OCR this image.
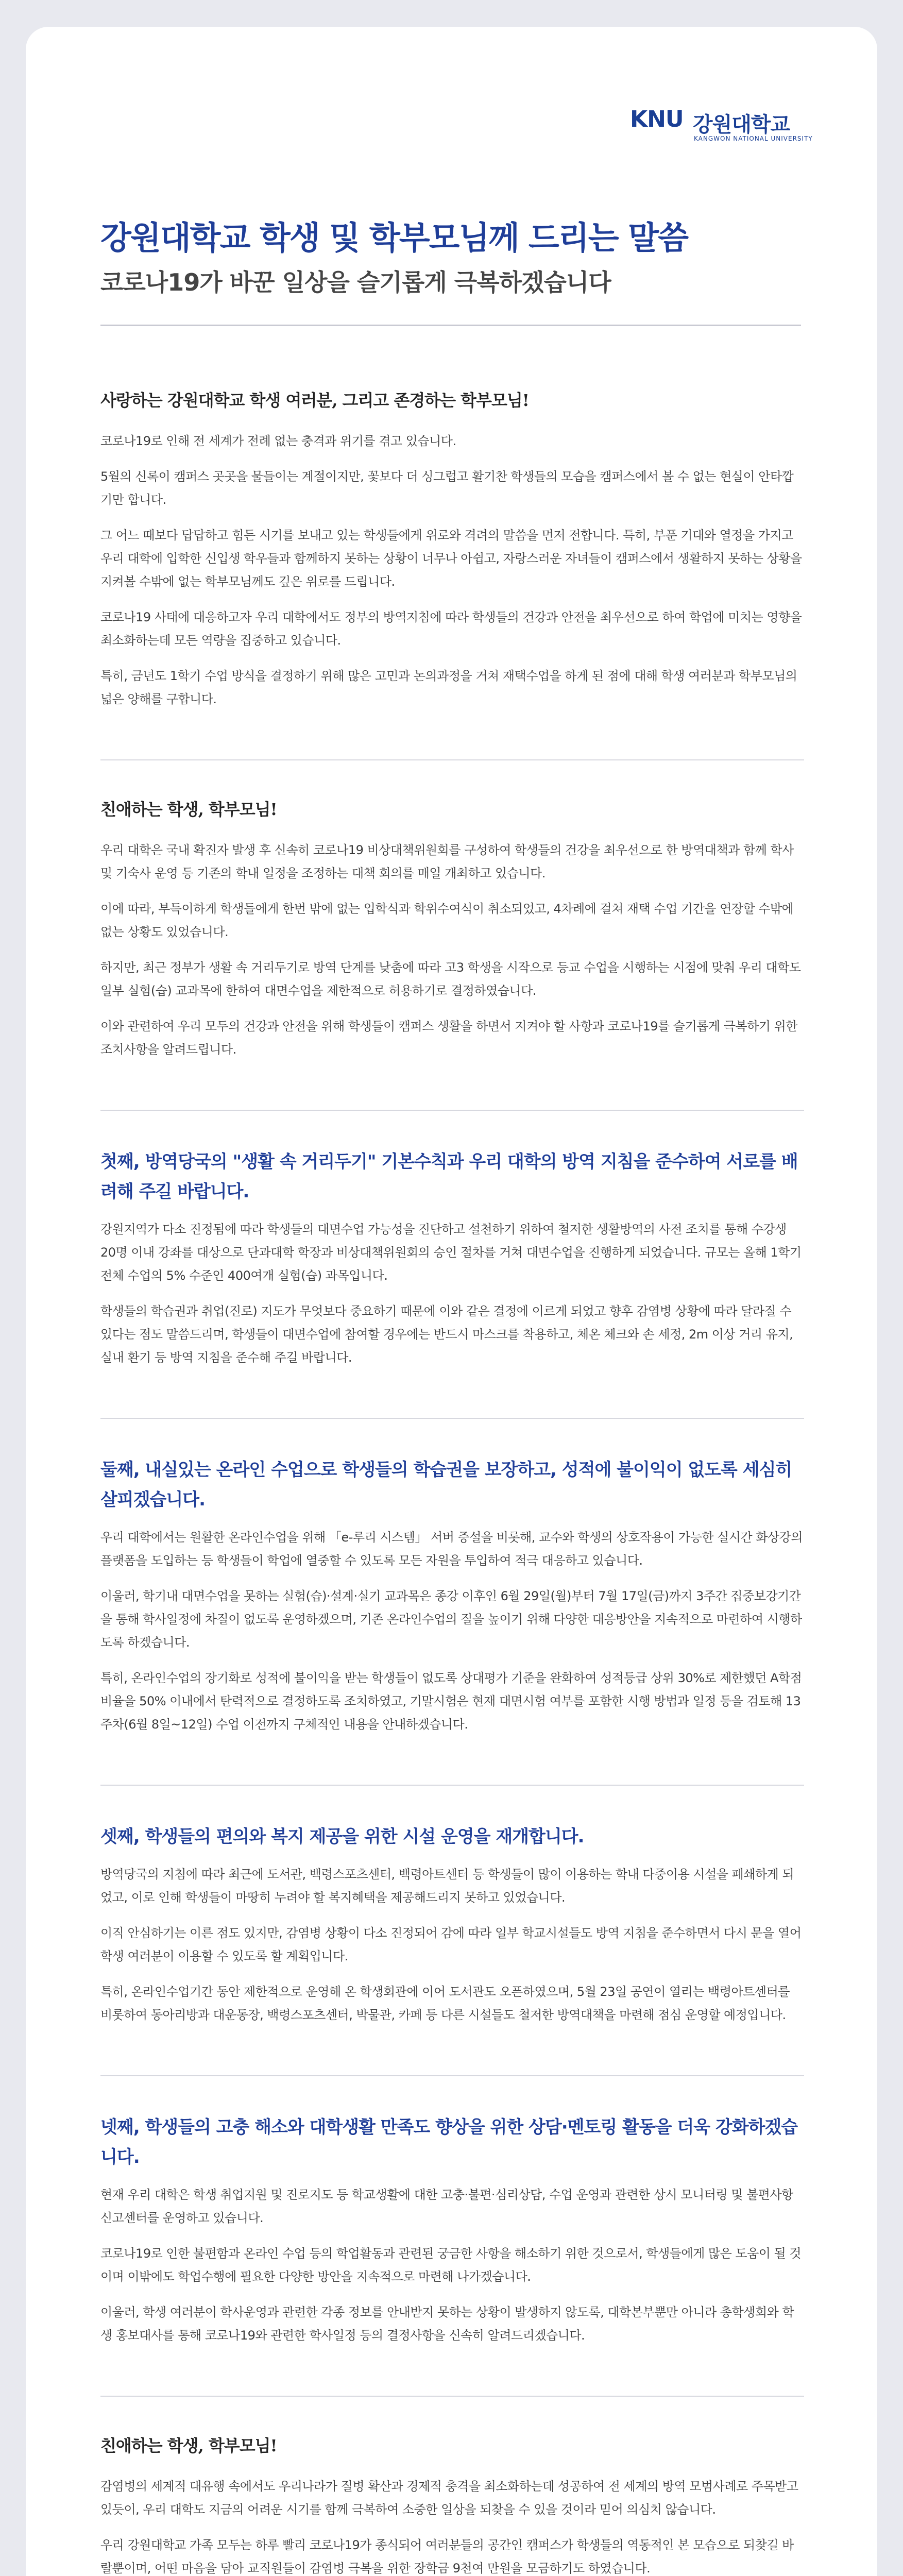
KNU 강원대학교
KANGWON NATIONAL UNIVERSITY
강원대학교 학생 및 학부모님께 드리는 말씀
코로나19가 바꾼 일상을 슬기롭게 극복하겠습니다

사랑하는 강원대학교 학생 여러분, 그리고 존경하는 학부모님!

코로나19로 인해 전 세계가 전례 없는 충격과 위기를 겪고 있습니다.

5월의 신록이 캠퍼스 곳곳을 물들이는 계절이지만, 꽃보다 더 싱그럽고 활기찬 학생들의 모습을 캠퍼스에서 볼 수 없는 현실이 안타깝기만 합니다.

그 어느 때보다 답답하고 힘든 시기를 보내고 있는 학생들에게 위로와 격려의 말씀을 먼저 전합니다. 특히, 부푼 기대와 열정을 가지고 우리 대학에 입학한 신입생 학우들과 함께하지 못하는 상황이 너무나 아쉽고, 자랑스러운 자녀들이 캠퍼스에서 생활하지 못하는 상황을 지켜볼 수밖에 없는 학부모님께도 깊은 위로를 드립니다.

코로나19 사태에 대응하고자 우리 대학에서도 정부의 방역지침에 따라 학생들의 건강과 안전을 최우선으로 하여 학업에 미치는 영향을 최소화하는데 모든 역량을 집중하고 있습니다.

특히, 금년도 1학기 수업 방식을 결정하기 위해 많은 고민과 논의과정을 거쳐 재택수업을 하게 된 점에 대해 학생 여러분과 학부모님의 넓은 양해를 구합니다.

친애하는 학생, 학부모님!

우리 대학은 국내 확진자 발생 후 신속히 코로나19 비상대책위원회를 구성하여 학생들의 건강을 최우선으로 한 방역대책과 함께 학사 및 기숙사 운영 등 기존의 학내 일정을 조정하는 대책 회의를 매일 개최하고 있습니다.

이에 따라, 부득이하게 학생들에게 한번 밖에 없는 입학식과 학위수여식이 취소되었고, 4차례에 걸쳐 재택 수업 기간을 연장할 수밖에 없는 상황도 있었습니다.

하지만, 최근 정부가 생활 속 거리두기로 방역 단계를 낮춤에 따라 고3 학생을 시작으로 등교 수업을 시행하는 시점에 맞춰 우리 대학도 일부 실험(습) 교과목에 한하여 대면수업을 제한적으로 허용하기로 결정하였습니다.

이와 관련하여 우리 모두의 건강과 안전을 위해 학생들이 캠퍼스 생활을 하면서 지켜야 할 사항과 코로나19를 슬기롭게 극복하기 위한 조치사항을 알려드립니다.

첫째, 방역당국의 "생활 속 거리두기" 기본수칙과 우리 대학의 방역 지침을 준수하여 서로를 배려해 주길 바랍니다.

강원지역가 다소 진정됨에 따라 학생들의 대면수업 가능성을 진단하고 설천하기 위하여 철저한 생활방역의 사전 조치를 통해 수강생 20명 이내 강좌를 대상으로 단과대학 학장과 비상대책위원회의 승인 절차를 거쳐 대면수업을 진행하게 되었습니다. 규모는 올해 1학기 전체 수업의 5% 수준인 400여개 실험(습) 과목입니다.

학생들의 학습권과 취업(진로) 지도가 무엇보다 중요하기 때문에 이와 같은 결정에 이르게 되었고 향후 감염병 상황에 따라 달라질 수 있다는 점도 말씀드리며, 학생들이 대면수업에 참여할 경우에는 반드시 마스크를 착용하고, 체온 체크와 손 세정, 2m 이상 거리 유지, 실내 환기 등 방역 지침을 준수해 주길 바랍니다.

둘째, 내실있는 온라인 수업으로 학생들의 학습권을 보장하고, 성적에 불이익이 없도록 세심히 살피겠습니다.

우리 대학에서는 원활한 온라인수업을 위해 「e-루리 시스템」 서버 증설을 비롯해, 교수와 학생의 상호작용이 가능한 실시간 화상강의 플랫폼을 도입하는 등 학생들이 학업에 열중할 수 있도록 모든 자원을 투입하여 적극 대응하고 있습니다.

이울러, 학기내 대면수업을 못하는 실험(습)·설계·실기 교과목은 종강 이후인 6월 29일(월)부터 7월 17일(금)까지 3주간 집중보강기간을 통해 학사일정에 차질이 없도록 운영하겠으며, 기존 온라인수업의 질을 높이기 위해 다양한 대응방안을 지속적으로 마련하여 시행하도록 하겠습니다.

특히, 온라인수업의 장기화로 성적에 불이익을 받는 학생들이 없도록 상대평가 기준을 완화하여 성적등급 상위 30%로 제한했던 A학점 비율을 50% 이내에서 탄력적으로 결정하도록 조치하였고, 기말시험은 현재 대면시험 여부를 포함한 시행 방법과 일정 등을 검토해 13주차(6월 8일~12일) 수업 이전까지 구체적인 내용을 안내하겠습니다.

셋째, 학생들의 편의와 복지 제공을 위한 시설 운영을 재개합니다.

방역당국의 지침에 따라 최근에 도서관, 백령스포츠센터, 백령아트센터 등 학생들이 많이 이용하는 학내 다중이용 시설을 폐쇄하게 되었고, 이로 인해 학생들이 마땅히 누려야 할 복지혜택을 제공해드리지 못하고 있었습니다.

이직 안심하기는 이른 점도 있지만, 감염병 상황이 다소 진정되어 감에 따라 일부 학교시설들도 방역 지침을 준수하면서 다시 문을 열어 학생 여러분이 이용할 수 있도록 할 계획입니다.

특히, 온라인수업기간 동안 제한적으로 운영해 온 학생회관에 이어 도서관도 오픈하였으며, 5월 23일 공연이 열리는 백령아트센터를 비롯하여 동아리방과 대운동장, 백령스포츠센터, 박물관, 카페 등 다른 시설들도 철저한 방역대책을 마련해 점심 운영할 예정입니다.

넷째, 학생들의 고충 해소와 대학생활 만족도 향상을 위한 상담·멘토링 활동을 더욱 강화하겠습니다.

현재 우리 대학은 학생 취업지원 및 진로지도 등 학교생활에 대한 고충·불편·심리상담, 수업 운영과 관련한 상시 모니터링 및 불편사항 신고센터를 운영하고 있습니다.

코로나19로 인한 불편함과 온라인 수업 등의 학업활동과 관련된 궁금한 사항을 해소하기 위한 것으로서, 학생들에게 많은 도움이 될 것이며 이밖에도 학업수행에 필요한 다양한 방안을 지속적으로 마련해 나가겠습니다.

이울러, 학생 여러분이 학사운영과 관련한 각종 정보를 안내받지 못하는 상황이 발생하지 않도록, 대학본부뿐만 아니라 총학생회와 학생 홍보대사를 통해 코로나19와 관련한 학사일정 등의 결정사항을 신속히 알려드리겠습니다.

친애하는 학생, 학부모님!

감염병의 세계적 대유행 속에서도 우리나라가 질병 확산과 경제적 충격을 최소화하는데 성공하여 전 세계의 방역 모범사례로 주목받고 있듯이, 우리 대학도 지금의 어려운 시기를 함께 극복하여 소중한 일상을 되찾을 수 있을 것이라 믿어 의심치 않습니다.

우리 강원대학교 가족 모두는 하루 빨리 코로나19가 종식되어 여러분들의 공간인 캠퍼스가 학생들의 역동적인 본 모습으로 되찾길 바랄뿐이며, 어떤 마음을 담아 교직원들이 감염병 극복을 위한 장학금 9천여 만원을 모금하기도 하였습니다.
